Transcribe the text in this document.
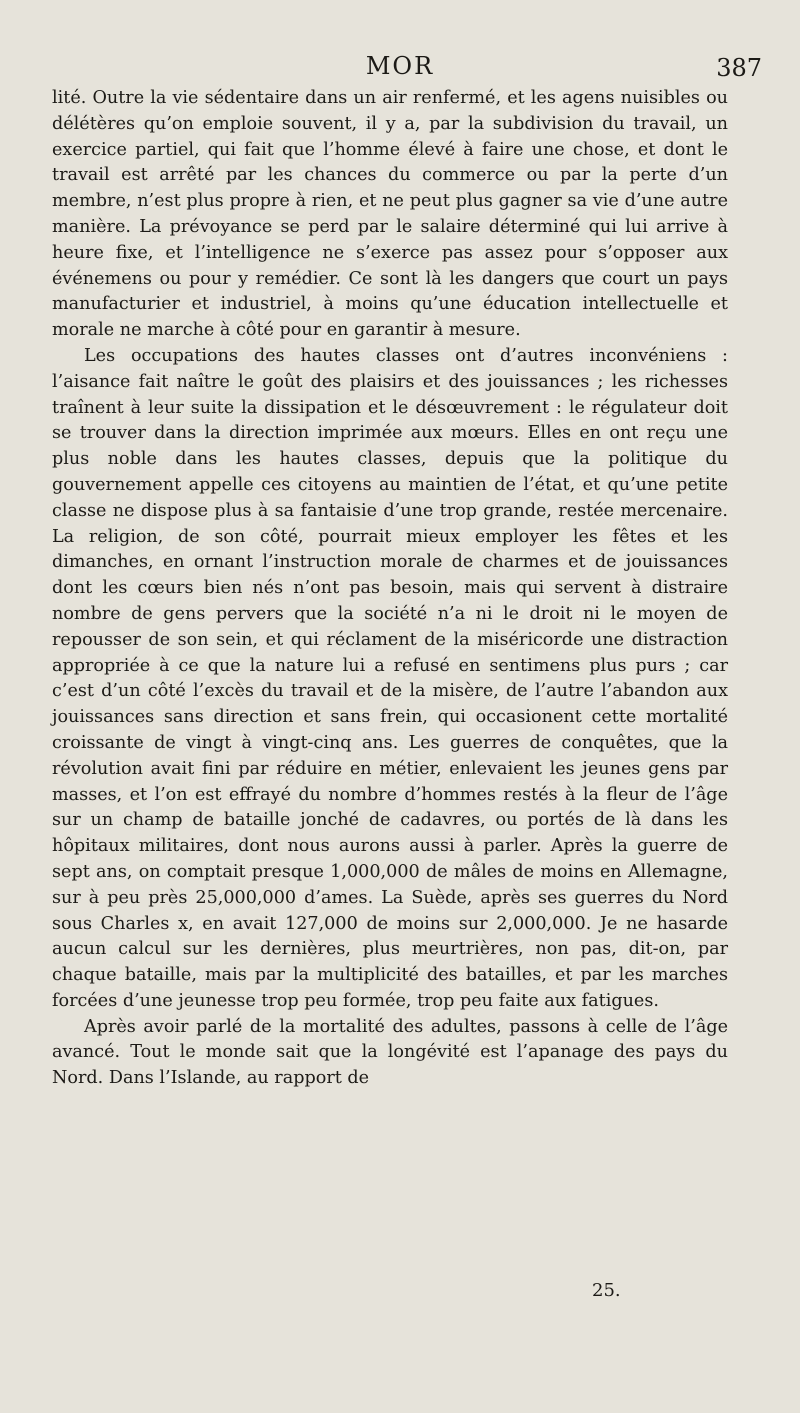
MOR	387

lité. Outre la vie sédentaire dans un air renfermé, et les agens nuisibles ou délétères qu’on emploie souvent, il y a, par la subdivision du travail, un exercice partiel, qui fait que l’homme élevé à faire une chose, et dont le travail est arrêté par les chances du commerce ou par la perte d’un membre, n’est plus propre à rien, et ne peut plus gagner sa vie d’une autre manière. La prévoyance se perd par le salaire déterminé qui lui arrive à heure fixe, et l’intelligence ne s’exerce pas assez pour s’opposer aux événemens ou pour y remédier. Ce sont là les dangers que court un pays manufacturier et industriel, à moins qu’une éducation intellectuelle et morale ne marche à côté pour en garantir à mesure.

Les occupations des hautes classes ont d’autres inconvéniens : l’aisance fait naître le goût des plaisirs et des jouissances ; les richesses traînent à leur suite la dissipation et le désœuvrement : le régulateur doit se trouver dans la direction imprimée aux mœurs. Elles en ont reçu une plus noble dans les hautes classes, depuis que la politique du gouvernement appelle ces citoyens au maintien de l’état, et qu’une petite classe ne dispose plus à sa fantaisie d’une trop grande, restée mercenaire. La religion, de son côté, pourrait mieux employer les fêtes et les dimanches, en ornant l’instruction morale de charmes et de jouissances dont les cœurs bien nés n’ont pas besoin, mais qui servent à distraire nombre de gens pervers que la société n’a ni le droit ni le moyen de repousser de son sein, et qui réclament de la miséricorde une distraction appropriée à ce que la nature lui a refusé en sentimens plus purs ; car c’est d’un côté l’excès du travail et de la misère, de l’autre l’abandon aux jouissances sans direction et sans frein, qui occasionent cette mortalité croissante de vingt à vingt-cinq ans. Les guerres de conquêtes, que la révolution avait fini par réduire en métier, enlevaient les jeunes gens par masses, et l’on est effrayé du nombre d’hommes restés à la fleur de l’âge sur un champ de bataille jonché de cadavres, ou portés de là dans les hôpitaux militaires, dont nous aurons aussi à parler. Après la guerre de sept ans, on comptait presque 1,000,000 de mâles de moins en Allemagne, sur à peu près 25,000,000 d’ames. La Suède, après ses guerres du Nord sous Charles x, en avait 127,000 de moins sur 2,000,000. Je ne hasarde aucun calcul sur les dernières, plus meurtrières, non pas, dit-on, par chaque bataille, mais par la multiplicité des batailles, et par les marches forcées d’une jeunesse trop peu formée, trop peu faite aux fatigues.

Après avoir parlé de la mortalité des adultes, passons à celle de l’âge avancé. Tout le monde sait que la longévité est l’apanage des pays du Nord. Dans l’Islande, au rapport de

25.
